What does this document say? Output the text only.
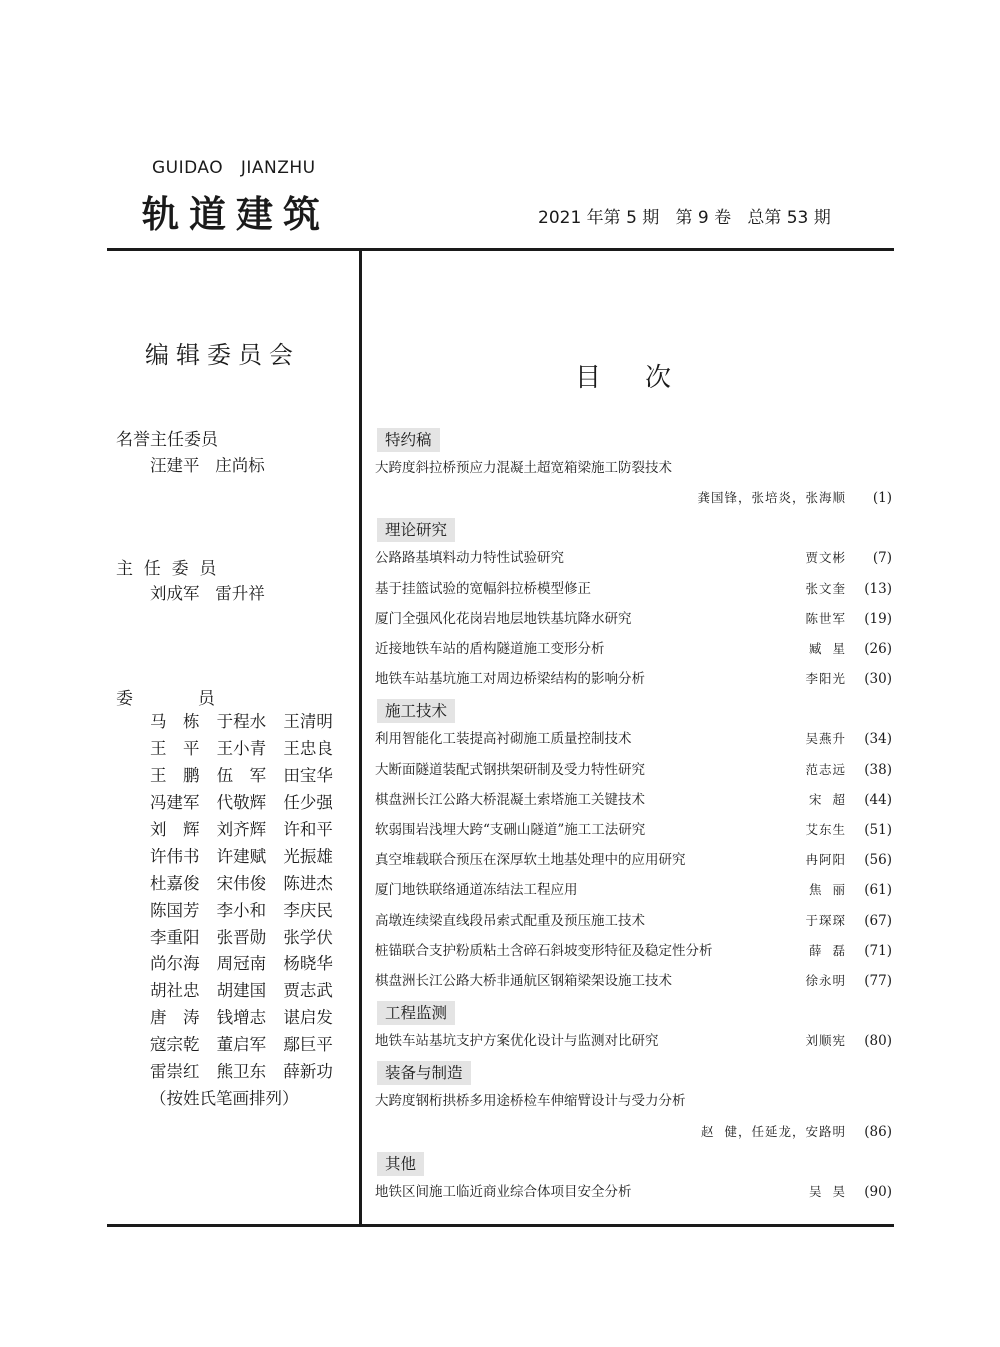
GUIDAO   JIANZHU
轨道建筑	2021 年第 5 期   第 9 卷   总第 53 期
编辑委员会
名誉主任委员
汪建平   庄尚标
主  任  委  员
刘成军   雷升祥
委            员
马　栋	于程水	王清明
王　平	王小青	王忠良
王　鹏	伍　军	田宝华
冯建军	代敬辉	任少强
刘　辉	刘齐辉	许和平
许伟书	许建赋	光振雄
杜嘉俊	宋伟俊	陈进杰
陈国芳	李小和	李庆民
李重阳	张晋勋	张学伏
尚尔海	周冠南	杨晓华
胡社忠	胡建国	贾志武
唐　涛	钱增志	谌启发
寇宗乾	董启军	鄢巨平
雷崇红	熊卫东	薛新功
（按姓氏笔画排列）
目次
特约稿
大跨度斜拉桥预应力混凝土超宽箱梁施工防裂技术
龚国锋，张培炎，张海顺	(1)
理论研究
公路路基填料动力特性试验研究	贾文彬	(7)
基于挂篮试验的宽幅斜拉桥模型修正	张文奎	(13)
厦门全强风化花岗岩地层地铁基坑降水研究	陈世军	(19)
近接地铁车站的盾构隧道施工变形分析	臧  星	(26)
地铁车站基坑施工对周边桥梁结构的影响分析	李阳光	(30)
施工技术
利用智能化工装提高衬砌施工质量控制技术	吴燕升	(34)
大断面隧道装配式钢拱架研制及受力特性研究	范志远	(38)
棋盘洲长江公路大桥混凝土索塔施工关键技术	宋  超	(44)
软弱围岩浅埋大跨“支硎山隧道”施工工法研究	艾东生	(51)
真空堆载联合预压在深厚软土地基处理中的应用研究	冉阿阳	(56)
厦门地铁联络通道冻结法工程应用	焦  丽	(61)
高墩连续梁直线段吊索式配重及预压施工技术	于琛琛	(67)
桩锚联合支护粉质粘土含碎石斜坡变形特征及稳定性分析	薛  磊	(71)
棋盘洲长江公路大桥非通航区钢箱梁架设施工技术	徐永明	(77)
工程监测
地铁车站基坑支护方案优化设计与监测对比研究	刘顺宪	(80)
装备与制造
大跨度钢桁拱桥多用途桥检车伸缩臂设计与受力分析
赵  健，任延龙，安路明	(86)
其他
地铁区间施工临近商业综合体项目安全分析	吴  昊	(90)
